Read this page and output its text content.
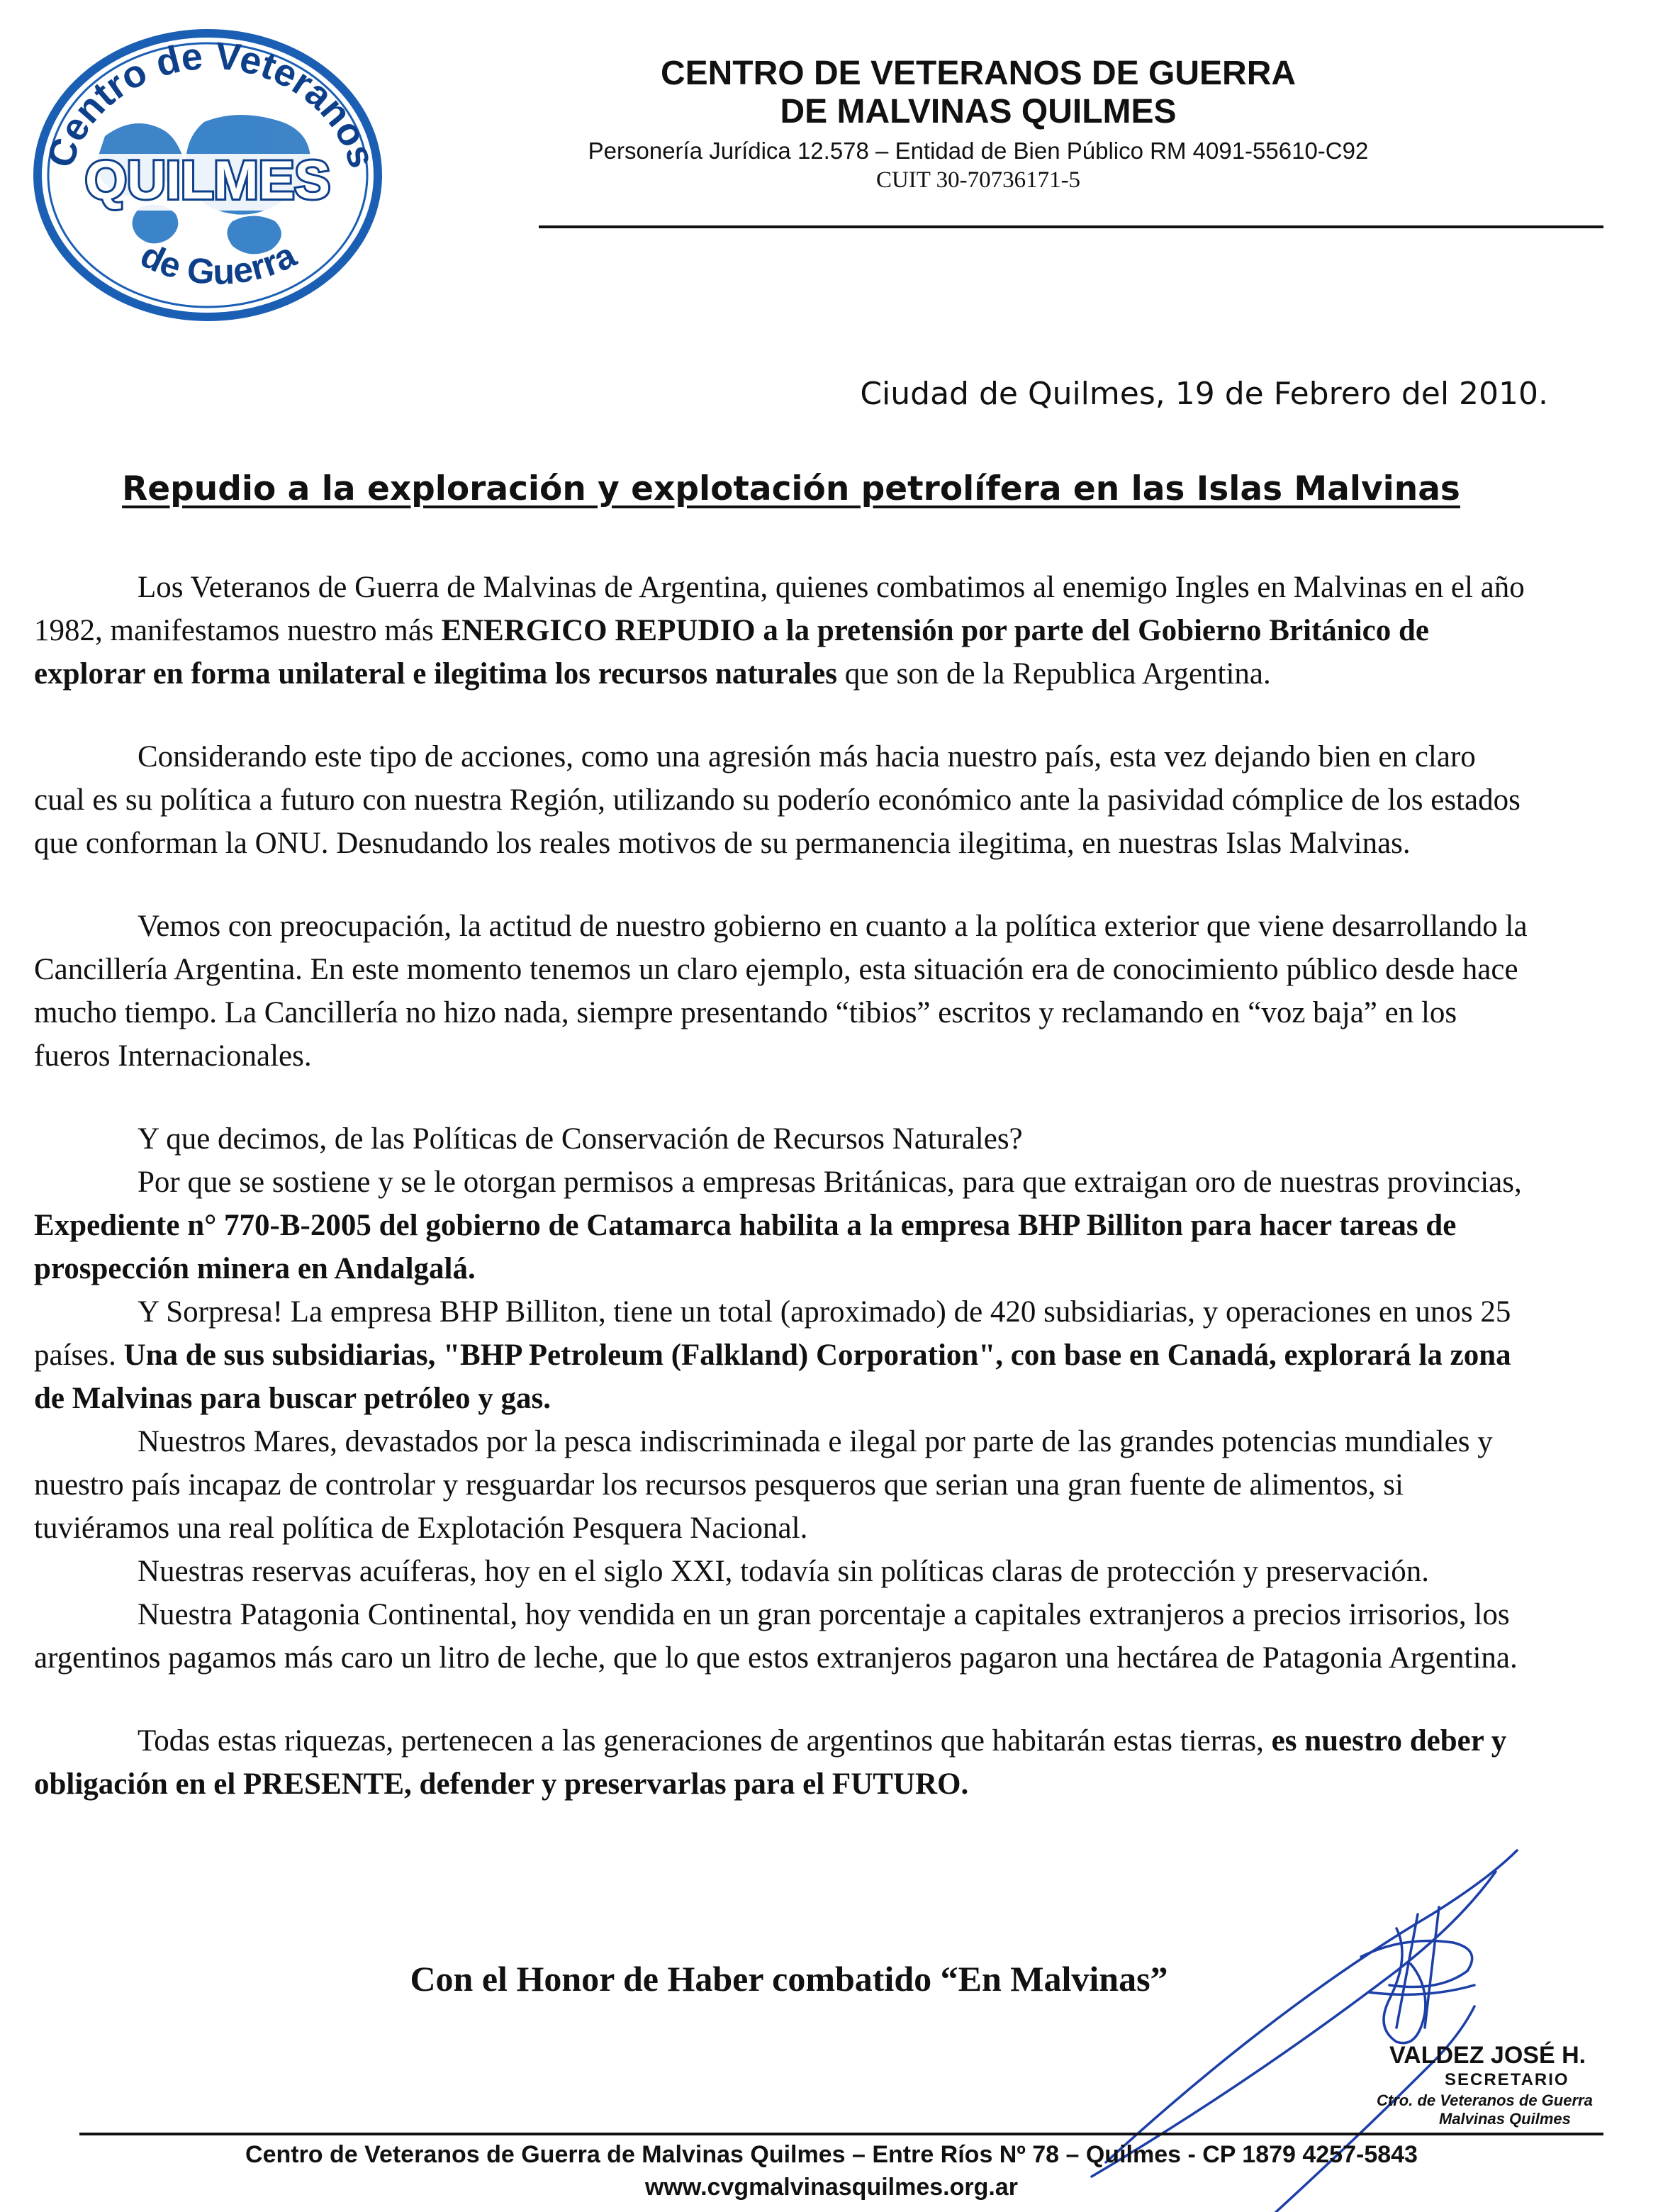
Centro de Veteranos
QUILMES
de Guerra
CENTRO DE VETERANOS DE GUERRA
DE MALVINAS QUILMES
Personería Jurídica 12.578 – Entidad de Bien Público RM 4091-55610-C92
CUIT 30-70736171-5
Ciudad de Quilmes, 19 de Febrero del 2010.
Repudio a la exploración y explotación petrolífera en las Islas Malvinas

Los Veteranos de Guerra de Malvinas de Argentina, quienes combatimos al enemigo Ingles en Malvinas en el año 1982, manifestamos nuestro más ENERGICO REPUDIO a la pretensión por parte del Gobierno Británico de explorar en forma unilateral e ilegitima los recursos naturales que son de la Republica Argentina.

Considerando este tipo de acciones, como una agresión más hacia nuestro país, esta vez dejando bien en claro cual es su política a futuro con nuestra Región, utilizando su poderío económico ante la pasividad cómplice de los estados que conforman la ONU. Desnudando los reales motivos de su permanencia ilegitima, en nuestras Islas Malvinas.

Vemos con preocupación, la actitud de nuestro gobierno en cuanto a la política exterior que viene desarrollando la Cancillería Argentina. En este momento tenemos un claro ejemplo, esta situación era de conocimiento público desde hace mucho tiempo. La Cancillería no hizo nada, siempre presentando “tibios” escritos y reclamando en “voz baja” en los fueros Internacionales.

Y que decimos, de las Políticas de Conservación de Recursos Naturales?

Por que se sostiene y se le otorgan permisos a empresas Británicas, para que extraigan oro de nuestras provincias, Expediente n° 770-B-2005 del gobierno de Catamarca habilita a la empresa BHP Billiton para hacer tareas de prospección minera en Andalgalá.

Y Sorpresa! La empresa BHP Billiton, tiene un total (aproximado) de 420 subsidiarias, y operaciones en unos 25 países. Una de sus subsidiarias, "BHP Petroleum (Falkland) Corporation", con base en Canadá, explorará la zona de Malvinas para buscar petróleo y gas.

Nuestros Mares, devastados por la pesca indiscriminada e ilegal por parte de las grandes potencias mundiales y nuestro país incapaz de controlar y resguardar los recursos pesqueros que serian una gran fuente de alimentos, si tuviéramos una real política de Explotación Pesquera Nacional.

Nuestras reservas acuíferas, hoy en el siglo XXI, todavía sin políticas claras de protección y preservación.

Nuestra Patagonia Continental, hoy vendida en un gran porcentaje a capitales extranjeros a precios irrisorios, los argentinos pagamos más caro un litro de leche, que lo que estos extranjeros pagaron una hectárea de Patagonia Argentina.

Todas estas riquezas, pertenecen a las generaciones de argentinos que habitarán estas tierras, es nuestro deber y obligación en el PRESENTE, defender y preservarlas para el FUTURO.

Con el Honor de Haber combatido “En Malvinas”
VALDEZ JOSÉ H.
SECRETARIO
Ctro. de Veteranos de Guerra
Malvinas Quilmes
Centro de Veteranos de Guerra de Malvinas Quilmes – Entre Ríos Nº 78 – Quilmes - CP 1879 4257-5843
www.cvgmalvinasquilmes.org.ar
